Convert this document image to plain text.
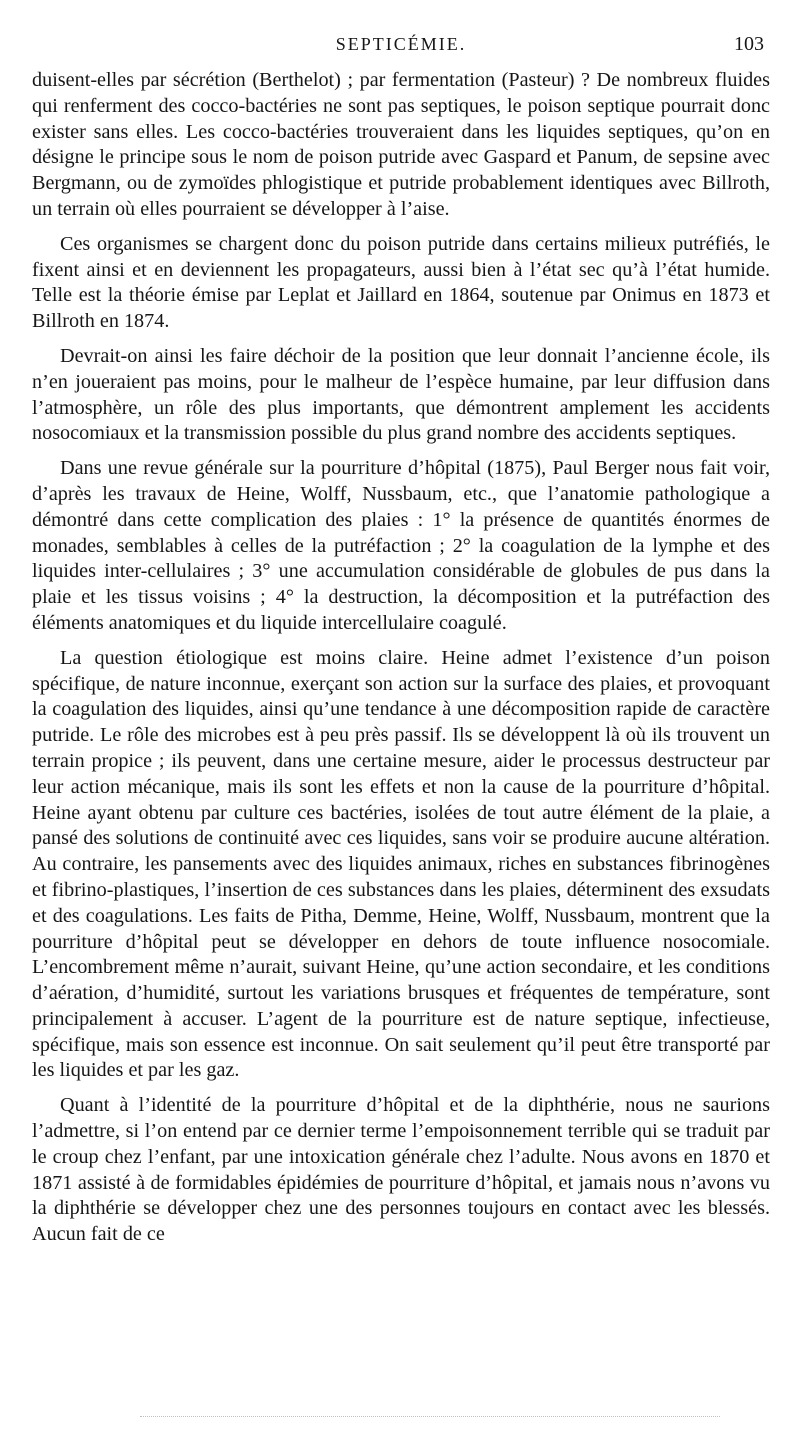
SEPTICÉMIE.	103

duisent-elles par sécrétion (Berthelot) ; par fermentation (Pasteur) ? De nombreux fluides qui renferment des cocco-bactéries ne sont pas septiques, le poison septique pourrait donc exister sans elles. Les cocco-bactéries trouveraient dans les liquides septiques, qu’on en désigne le principe sous le nom de poison putride avec Gaspard et Panum, de sepsine avec Bergmann, ou de zymoïdes phlogistique et putride probablement identiques avec Billroth, un terrain où elles pourraient se développer à l’aise.

Ces organismes se chargent donc du poison putride dans certains milieux putréfiés, le fixent ainsi et en deviennent les propagateurs, aussi bien à l’état sec qu’à l’état humide. Telle est la théorie émise par Leplat et Jaillard en 1864, soutenue par Onimus en 1873 et Billroth en 1874.

Devrait-on ainsi les faire déchoir de la position que leur donnait l’ancienne école, ils n’en joueraient pas moins, pour le malheur de l’espèce humaine, par leur diffusion dans l’atmosphère, un rôle des plus importants, que démontrent amplement les accidents nosocomiaux et la transmission possible du plus grand nombre des accidents septiques.

Dans une revue générale sur la pourriture d’hôpital (1875), Paul Berger nous fait voir, d’après les travaux de Heine, Wolff, Nussbaum, etc., que l’anatomie pathologique a démontré dans cette complication des plaies : 1° la présence de quantités énormes de monades, semblables à celles de la putréfaction ; 2° la coagulation de la lymphe et des liquides inter-cellulaires ; 3° une accumulation considérable de globules de pus dans la plaie et les tissus voisins ; 4° la destruction, la décomposition et la putréfaction des éléments anatomiques et du liquide intercellulaire coagulé.

La question étiologique est moins claire. Heine admet l’existence d’un poison spécifique, de nature inconnue, exerçant son action sur la surface des plaies, et provoquant la coagulation des liquides, ainsi qu’une tendance à une décomposition rapide de caractère putride. Le rôle des microbes est à peu près passif. Ils se développent là où ils trouvent un terrain propice ; ils peuvent, dans une certaine mesure, aider le processus destructeur par leur action mécanique, mais ils sont les effets et non la cause de la pourriture d’hôpital. Heine ayant obtenu par culture ces bactéries, isolées de tout autre élément de la plaie, a pansé des solutions de continuité avec ces liquides, sans voir se produire aucune altération. Au contraire, les pansements avec des liquides animaux, riches en substances fibrinogènes et fibrino-plastiques, l’insertion de ces substances dans les plaies, déterminent des exsudats et des coagulations. Les faits de Pitha, Demme, Heine, Wolff, Nussbaum, montrent que la pourriture d’hôpital peut se développer en dehors de toute influence nosocomiale. L’encombrement même n’aurait, suivant Heine, qu’une action secondaire, et les conditions d’aération, d’humidité, surtout les variations brusques et fréquentes de température, sont principalement à accuser. L’agent de la pourriture est de nature septique, infectieuse, spécifique, mais son essence est inconnue. On sait seulement qu’il peut être transporté par les liquides et par les gaz.

Quant à l’identité de la pourriture d’hôpital et de la diphthérie, nous ne saurions l’admettre, si l’on entend par ce dernier terme l’empoisonnement terrible qui se traduit par le croup chez l’enfant, par une intoxication générale chez l’adulte. Nous avons en 1870 et 1871 assisté à de formidables épidémies de pourriture d’hôpital, et jamais nous n’avons vu la diphthérie se développer chez une des personnes toujours en contact avec les blessés. Aucun fait de ce
